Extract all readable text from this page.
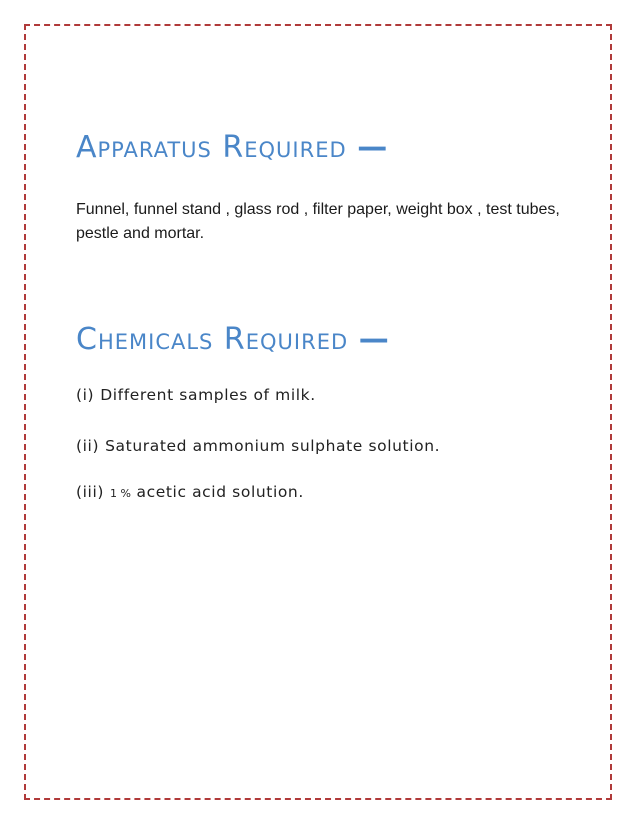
Apparatus Required —

Funnel, funnel stand , glass rod , filter paper, weight box , test tubes, pestle and mortar.

Chemicals Required —

(i) Different samples of milk.

(ii) Saturated ammonium sulphate solution.

(iii) 1 % acetic acid solution.
